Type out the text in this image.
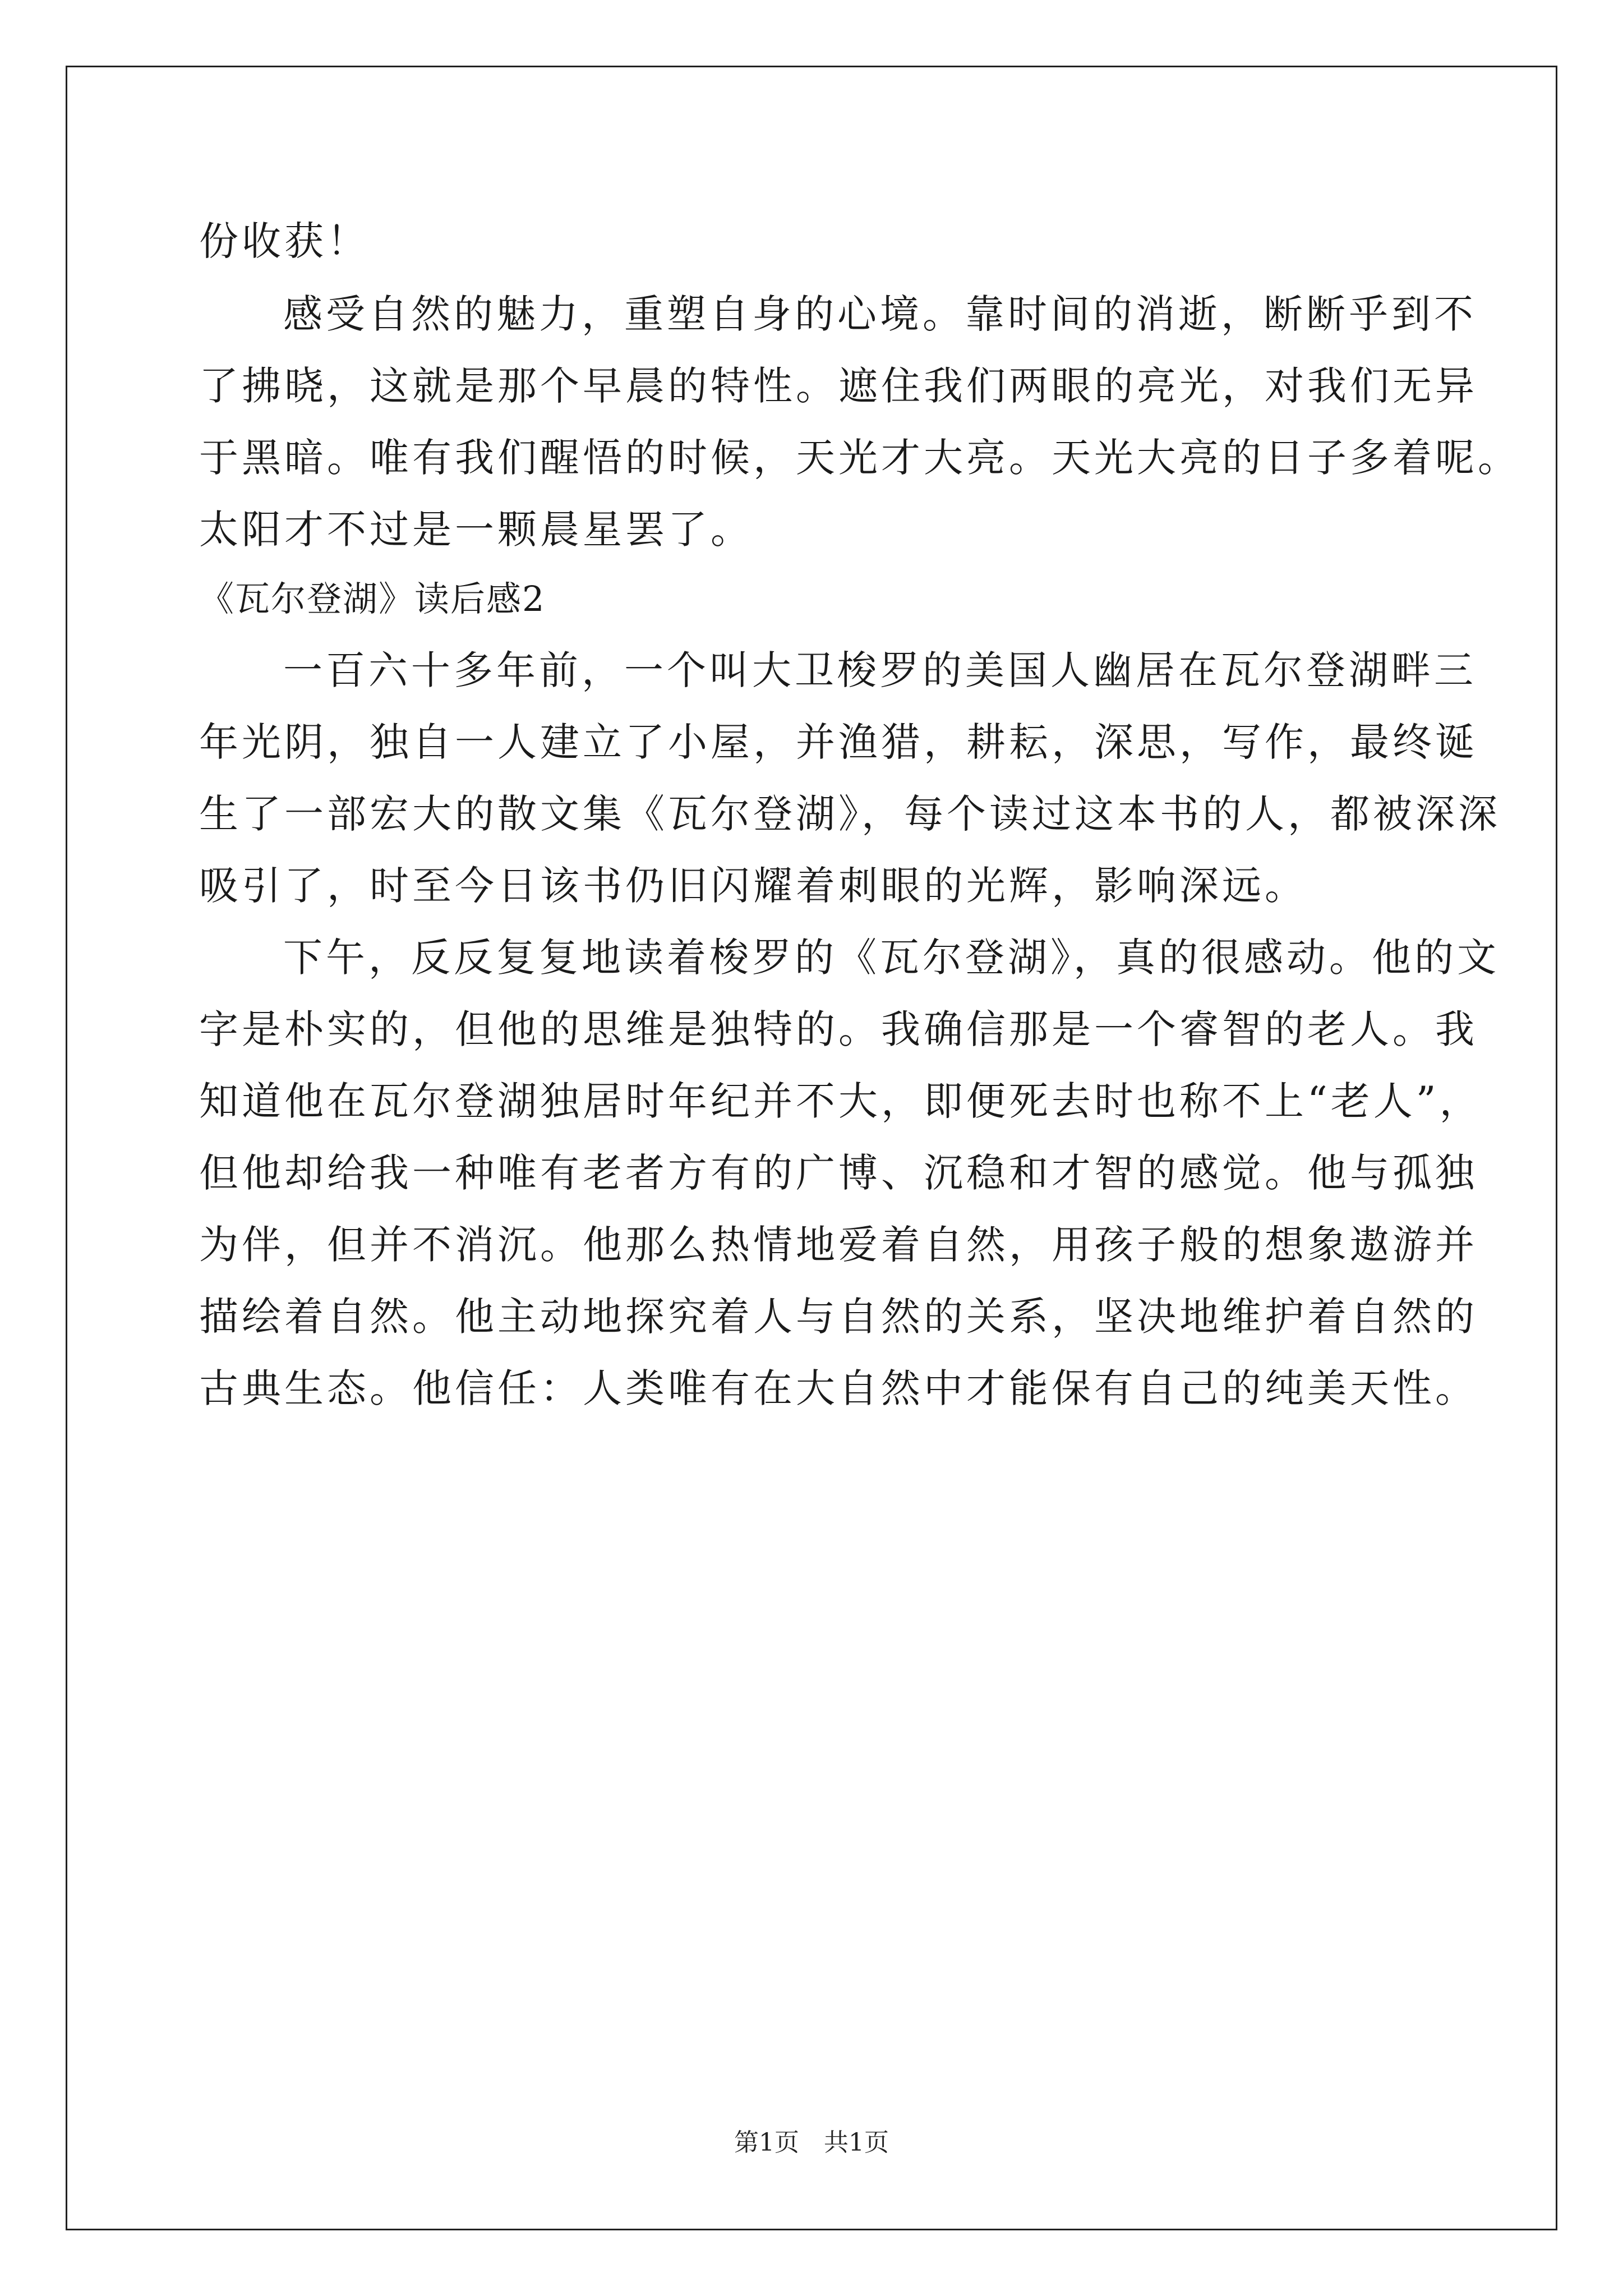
份收获！
感受自然的魅力，重塑自身的心境。靠时间的消逝，断断乎到不
了拂晓，这就是那个早晨的特性。遮住我们两眼的亮光，对我们无异
于黑暗。唯有我们醒悟的时候，天光才大亮。天光大亮的日子多着呢。
太阳才不过是一颗晨星罢了。
《瓦尔登湖》读后感2
一百六十多年前，一个叫大卫梭罗的美国人幽居在瓦尔登湖畔三
年光阴，独自一人建立了小屋，并渔猎，耕耘，深思，写作，最终诞
生了一部宏大的散文集《瓦尔登湖》，每个读过这本书的人，都被深深
吸引了，时至今日该书仍旧闪耀着刺眼的光辉，影响深远。
下午，反反复复地读着梭罗的《瓦尔登湖》，真的很感动。他的文
字是朴实的，但他的思维是独特的。我确信那是一个睿智的老人。我
知道他在瓦尔登湖独居时年纪并不大，即便死去时也称不上“老人”，
但他却给我一种唯有老者方有的广博、沉稳和才智的感觉。他与孤独
为伴，但并不消沉。他那么热情地爱着自然，用孩子般的想象遨游并
描绘着自然。他主动地探究着人与自然的关系，坚决地维护着自然的
古典生态。他信任：人类唯有在大自然中才能保有自己的纯美天性。
第1页　共1页
